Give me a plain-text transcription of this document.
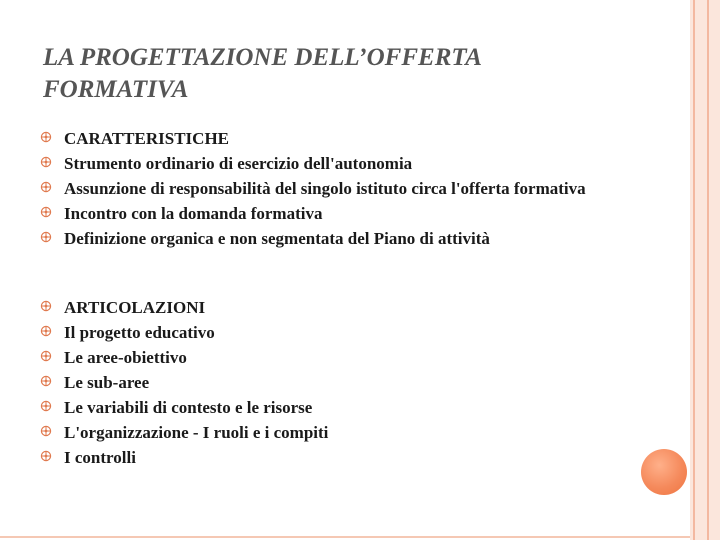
LA PROGETTAZIONE DELL’OFFERTA
FORMATIVA
CARATTERISTICHE
Strumento ordinario di esercizio dell'autonomia
Assunzione di responsabilità del singolo istituto circa l'offerta formativa
Incontro con la domanda formativa
Definizione organica e non segmentata del Piano di attività
ARTICOLAZIONI
Il progetto educativo
Le aree-obiettivo
Le sub-aree
Le variabili di contesto e le risorse
L'organizzazione - I ruoli e i compiti
I controlli
